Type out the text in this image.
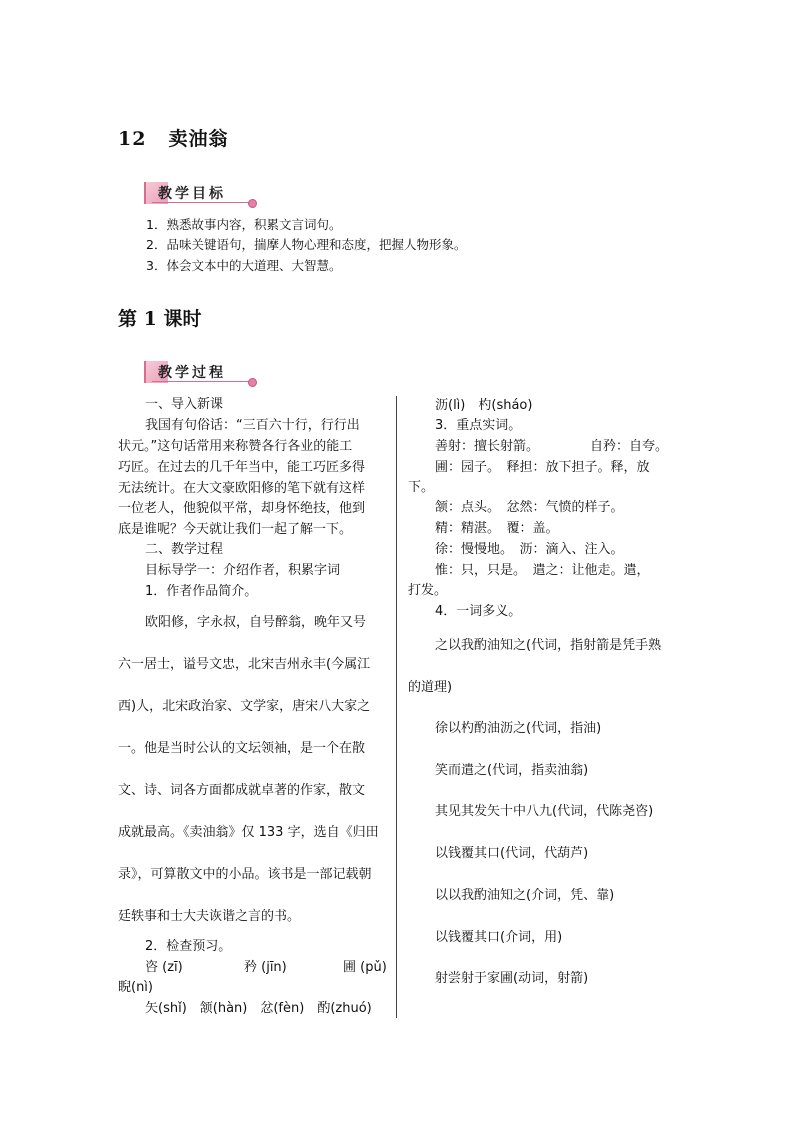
12 卖油翁
教学目标
1．熟悉故事内容，积累文言词句。
2．品味关键语句，揣摩人物心理和态度，把握人物形象。
3．体会文本中的大道理、大智慧。
第 1 课时
教学过程
一、导入新课
我国有句俗话：“三百六十行，行行出
状元。”这句话常用来称赞各行各业的能工
巧匠。在过去的几千年当中，能工巧匠多得
无法统计。在大文豪欧阳修的笔下就有这样
一位老人，他貌似平常，却身怀绝技，他到
底是谁呢？今天就让我们一起了解一下。
二、教学过程
目标导学一：介绍作者，积累字词
1．作者作品简介。
欧阳修，字永叔，自号醉翁，晚年又号
六一居士，谥号文忠，北宋吉州永丰(今属江
西)人，北宋政治家、文学家，唐宋八大家之
一。他是当时公认的文坛领袖，是一个在散
文、诗、词各方面都成就卓著的作家，散文
成就最高。《卖油翁》仅 133 字，选自《归田
录》，可算散文中的小品。该书是一部记载朝
廷轶事和士大夫诙谐之言的书。
2．检查预习。
咨 (zī)	矜 (jīn)	圃 (pǔ)
睨(nì)
矢(shǐ)　颔(hàn)　忿(fèn)　酌(zhuó)
沥(lì)　杓(sháo)
3．重点实词。
善射：擅长射箭。	自矜：自夸。
圃：园子。　释担：放下担子。释，放
下。
颔：点头。　忿然：气愤的样子。
精：精湛。　覆：盖。
徐：慢慢地。　沥：滴入、注入。
惟：只，只是。　遣之：让他走。遣，
打发。
4．一词多义。
之以我酌油知之(代词，指射箭是凭手熟
的道理)
徐以杓酌油沥之(代词，指油)
笑而遣之(代词，指卖油翁)
其见其发矢十中八九(代词，代陈尧咨)
以钱覆其口(代词，代葫芦)
以以我酌油知之(介词，凭、靠)
以钱覆其口(介词，用)
射尝射于家圃(动词，射箭)
